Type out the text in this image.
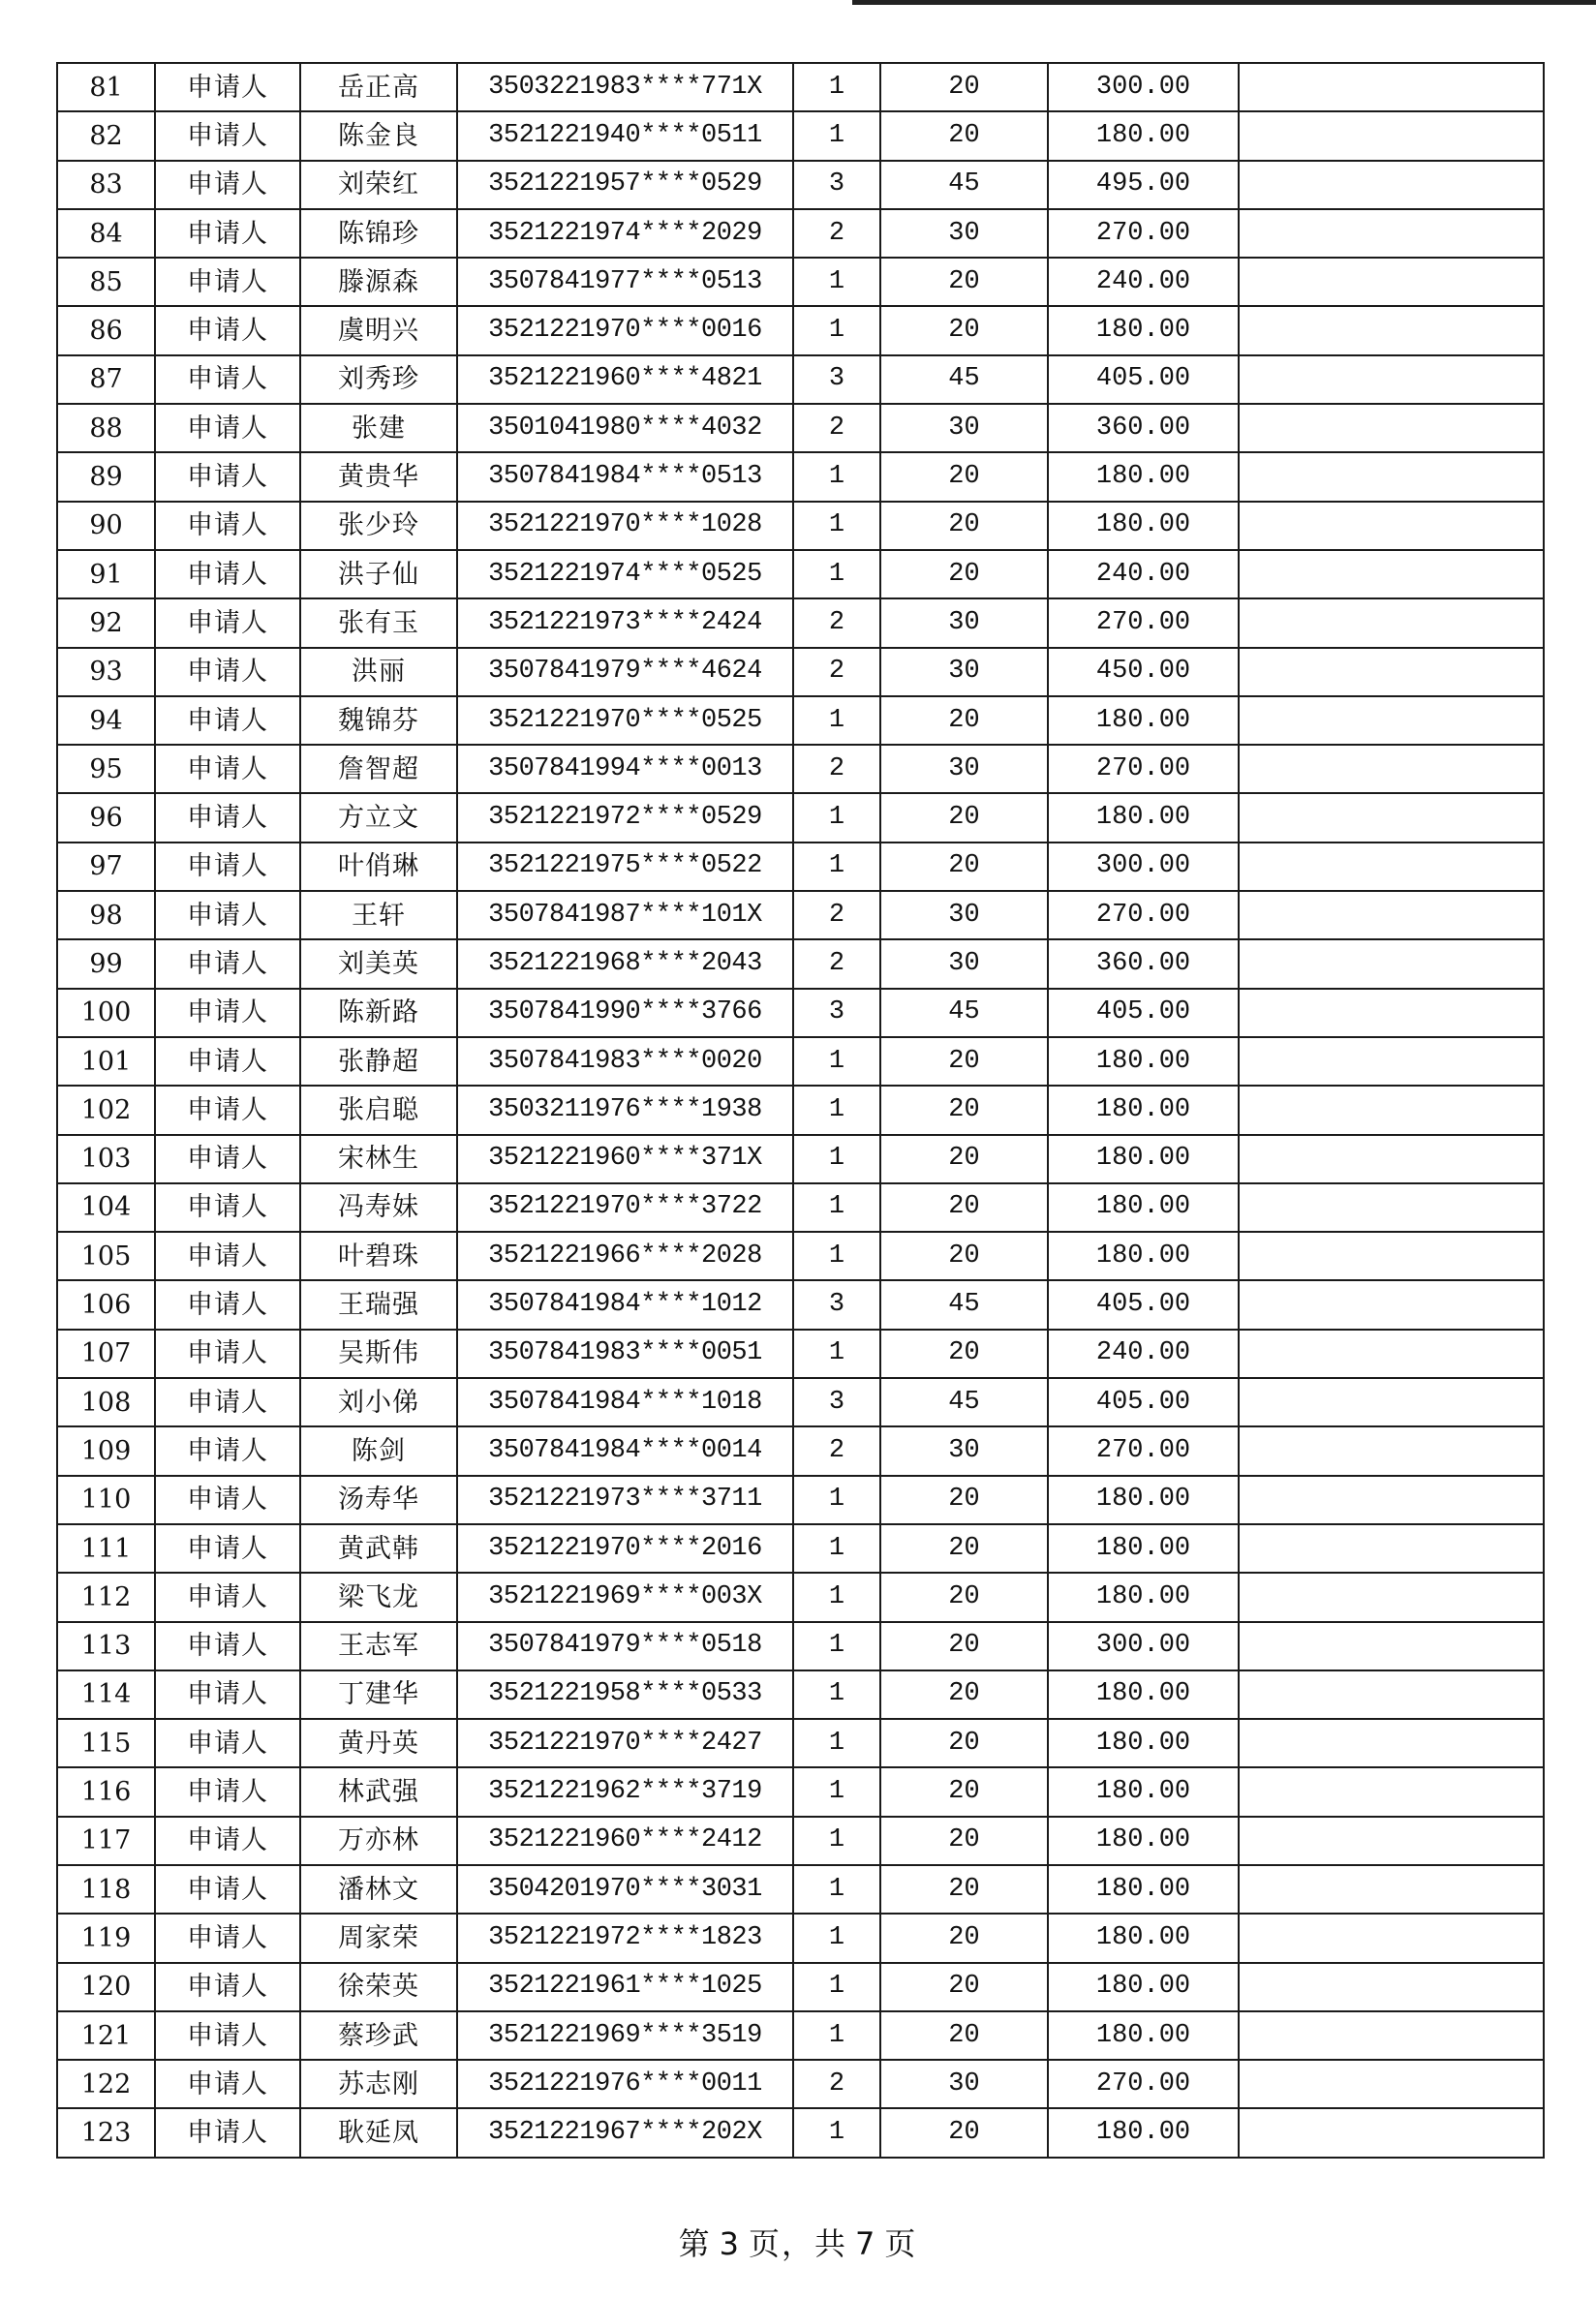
81	申请人	岳正高	3503221983****771X	1	20	300.00	
82	申请人	陈金良	3521221940****0511	1	20	180.00	
83	申请人	刘荣红	3521221957****0529	3	45	495.00	
84	申请人	陈锦珍	3521221974****2029	2	30	270.00	
85	申请人	滕源森	3507841977****0513	1	20	240.00	
86	申请人	虞明兴	3521221970****0016	1	20	180.00	
87	申请人	刘秀珍	3521221960****4821	3	45	405.00	
88	申请人	张建	3501041980****4032	2	30	360.00	
89	申请人	黄贵华	3507841984****0513	1	20	180.00	
90	申请人	张少玲	3521221970****1028	1	20	180.00	
91	申请人	洪子仙	3521221974****0525	1	20	240.00	
92	申请人	张有玉	3521221973****2424	2	30	270.00	
93	申请人	洪丽	3507841979****4624	2	30	450.00	
94	申请人	魏锦芬	3521221970****0525	1	20	180.00	
95	申请人	詹智超	3507841994****0013	2	30	270.00	
96	申请人	方立文	3521221972****0529	1	20	180.00	
97	申请人	叶俏琳	3521221975****0522	1	20	300.00	
98	申请人	王轩	3507841987****101X	2	30	270.00	
99	申请人	刘美英	3521221968****2043	2	30	360.00	
100	申请人	陈新路	3507841990****3766	3	45	405.00	
101	申请人	张静超	3507841983****0020	1	20	180.00	
102	申请人	张启聪	3503211976****1938	1	20	180.00	
103	申请人	宋林生	3521221960****371X	1	20	180.00	
104	申请人	冯寿妹	3521221970****3722	1	20	180.00	
105	申请人	叶碧珠	3521221966****2028	1	20	180.00	
106	申请人	王瑞强	3507841984****1012	3	45	405.00	
107	申请人	吴斯伟	3507841983****0051	1	20	240.00	
108	申请人	刘小俤	3507841984****1018	3	45	405.00	
109	申请人	陈剑	3507841984****0014	2	30	270.00	
110	申请人	汤寿华	3521221973****3711	1	20	180.00	
111	申请人	黄武韩	3521221970****2016	1	20	180.00	
112	申请人	梁飞龙	3521221969****003X	1	20	180.00	
113	申请人	王志军	3507841979****0518	1	20	300.00	
114	申请人	丁建华	3521221958****0533	1	20	180.00	
115	申请人	黄丹英	3521221970****2427	1	20	180.00	
116	申请人	林武强	3521221962****3719	1	20	180.00	
117	申请人	万亦林	3521221960****2412	1	20	180.00	
118	申请人	潘林文	3504201970****3031	1	20	180.00	
119	申请人	周家荣	3521221972****1823	1	20	180.00	
120	申请人	徐荣英	3521221961****1025	1	20	180.00	
121	申请人	蔡珍武	3521221969****3519	1	20	180.00	
122	申请人	苏志刚	3521221976****0011	2	30	270.00	
123	申请人	耿延凤	3521221967****202X	1	20	180.00	
第 3 页，共 7 页
